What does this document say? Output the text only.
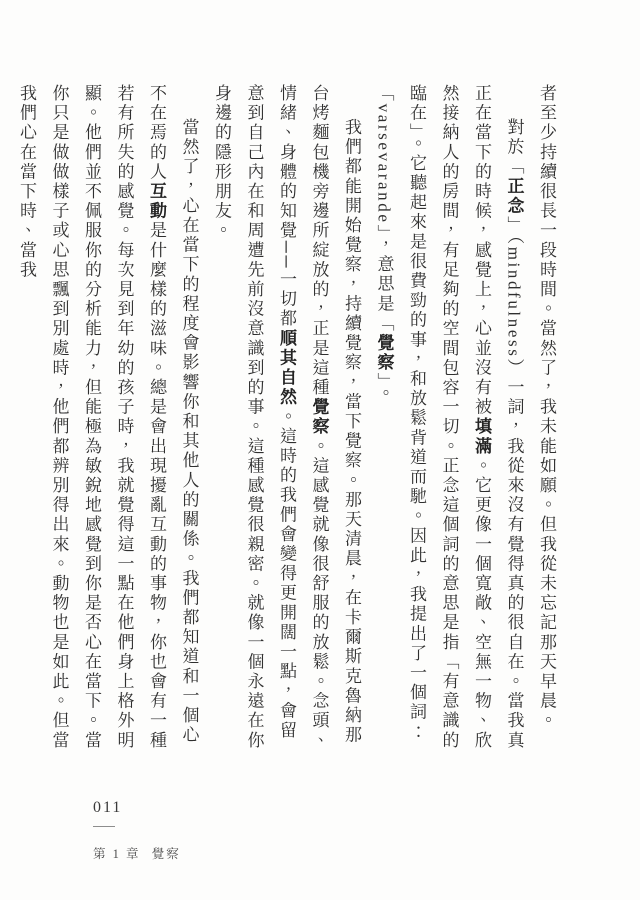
者至少持續很長一段時間。當然了，我未能如願。但我從未忘記那天早晨。

對於「正念」（mindfulness）一詞，我從來沒有覺得真的很自在。當我真正在當下的時候，感覺上，心並沒有被填滿。它更像一個寬敞、空無一物、欣然接納人的房間，有足夠的空間包容一切。正念這個詞的意思是指「有意識的臨在」。它聽起來是很費勁的事，和放鬆背道而馳。因此，我提出了一個詞：「varsevarande」，意思是「覺察」。

我們都能開始覺察，持續覺察，當下覺察。那天清晨，在卡爾斯克魯納那台烤麵包機旁邊所綻放的，正是這種覺察。這感覺就像很舒服的放鬆。念頭、情緒、身體的知覺──一切都順其自然。這時的我們會變得更開闊一點，會留意到自己內在和周遭先前沒意識到的事。這種感覺很親密。就像一個永遠在你身邊的隱形朋友。

當然了，心在當下的程度會影響你和其他人的關係。我們都知道和一個心不在焉的人互動是什麼樣的滋味。總是會出現擾亂互動的事物，你也會有一種若有所失的感覺。每次見到年幼的孩子時，我就覺得這一點在他們身上格外明顯。他們並不佩服你的分析能力，但能極為敏銳地感覺到你是否心在當下。當你只是做做樣子或心思飄到別處時，他們都辨別得出來。動物也是如此。但當我們心在當下時、當我

011
第 1 章 覺察
